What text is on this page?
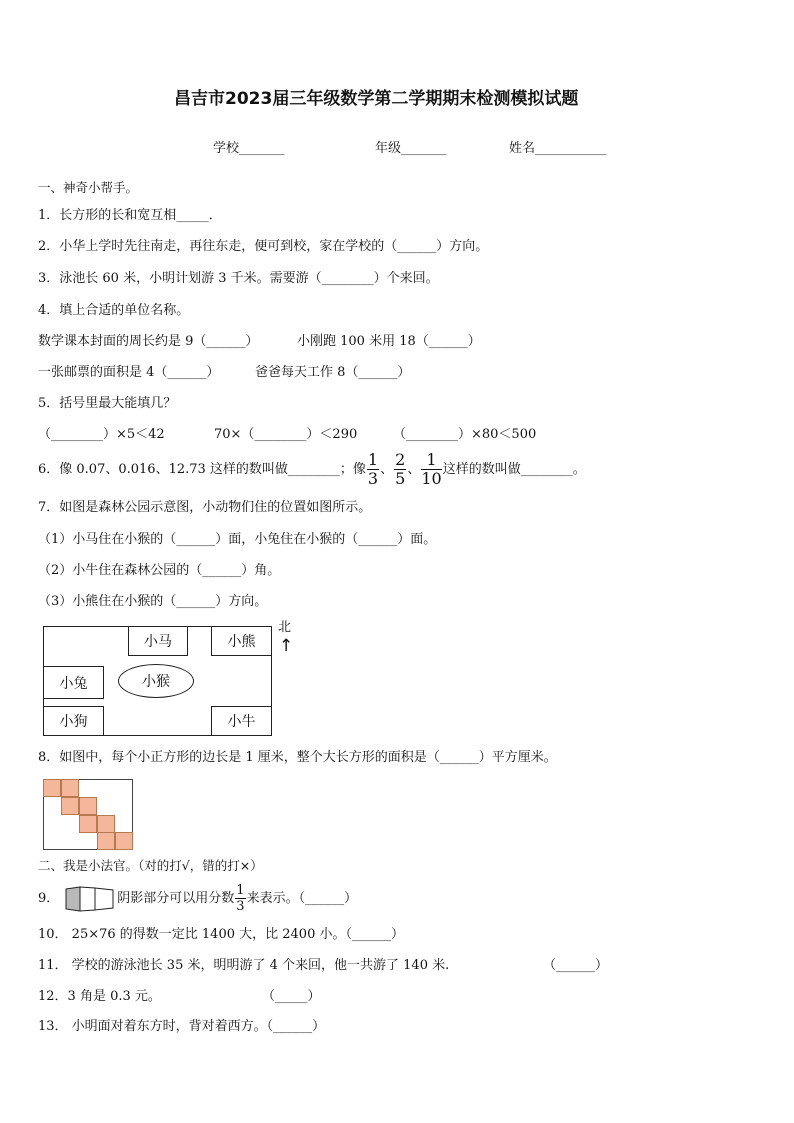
昌吉市2023届三年级数学第二学期期末检测模拟试题
学校_______	年级_______	姓名___________
一、神奇小帮手。
1．长方形的长和宽互相_____．
2．小华上学时先往南走，再往东走，便可到校，家在学校的（______）方向。
3．泳池长 60 米，小明计划游 3 千米。需要游（________）个来回。
4．填上合适的单位名称。
数学课本封面的周长约是 9（______）	小刚跑 100 米用 18（______）
一张邮票的面积是 4（______）	爸爸每天工作 8（______）
5．括号里最大能填几？
（________）×5＜42	70×（________）＜290	（________）×80＜500
6．像 0.07、0.016、12.73 这样的数叫做________；像 $\frac{1}{3}$ 、 $\frac{2}{5}$ 、 $\frac{1}{10}$ 这样的数叫做________。
7．如图是森林公园示意图，小动物们住的位置如图所示。
（1）小马住在小猴的（______）面，小兔住在小猴的（______）面。
（2）小牛住在森林公园的（______）角。
（3）小熊住在小猴的（______）方向。
小马	小熊
小兔	小猴
小狗	小牛
北
↑
8．如图中，每个小正方形的边长是 1 厘米，整个大长方形的面积是（______）平方厘米。
二、我是小法官。（对的打√，错的打×）
9．	阴影部分可以用分数 $\frac{1}{3}$ 来表示。（______）
10． 25×76 的得数一定比 1400 大，比 2400 小。（______）
11． 学校的游泳池长 35 米，明明游了 4 个来回，他一共游了 140 米.	（______）
12．3 角是 0.3 元。	（_____）
13． 小明面对着东方时，背对着西方。（______）
